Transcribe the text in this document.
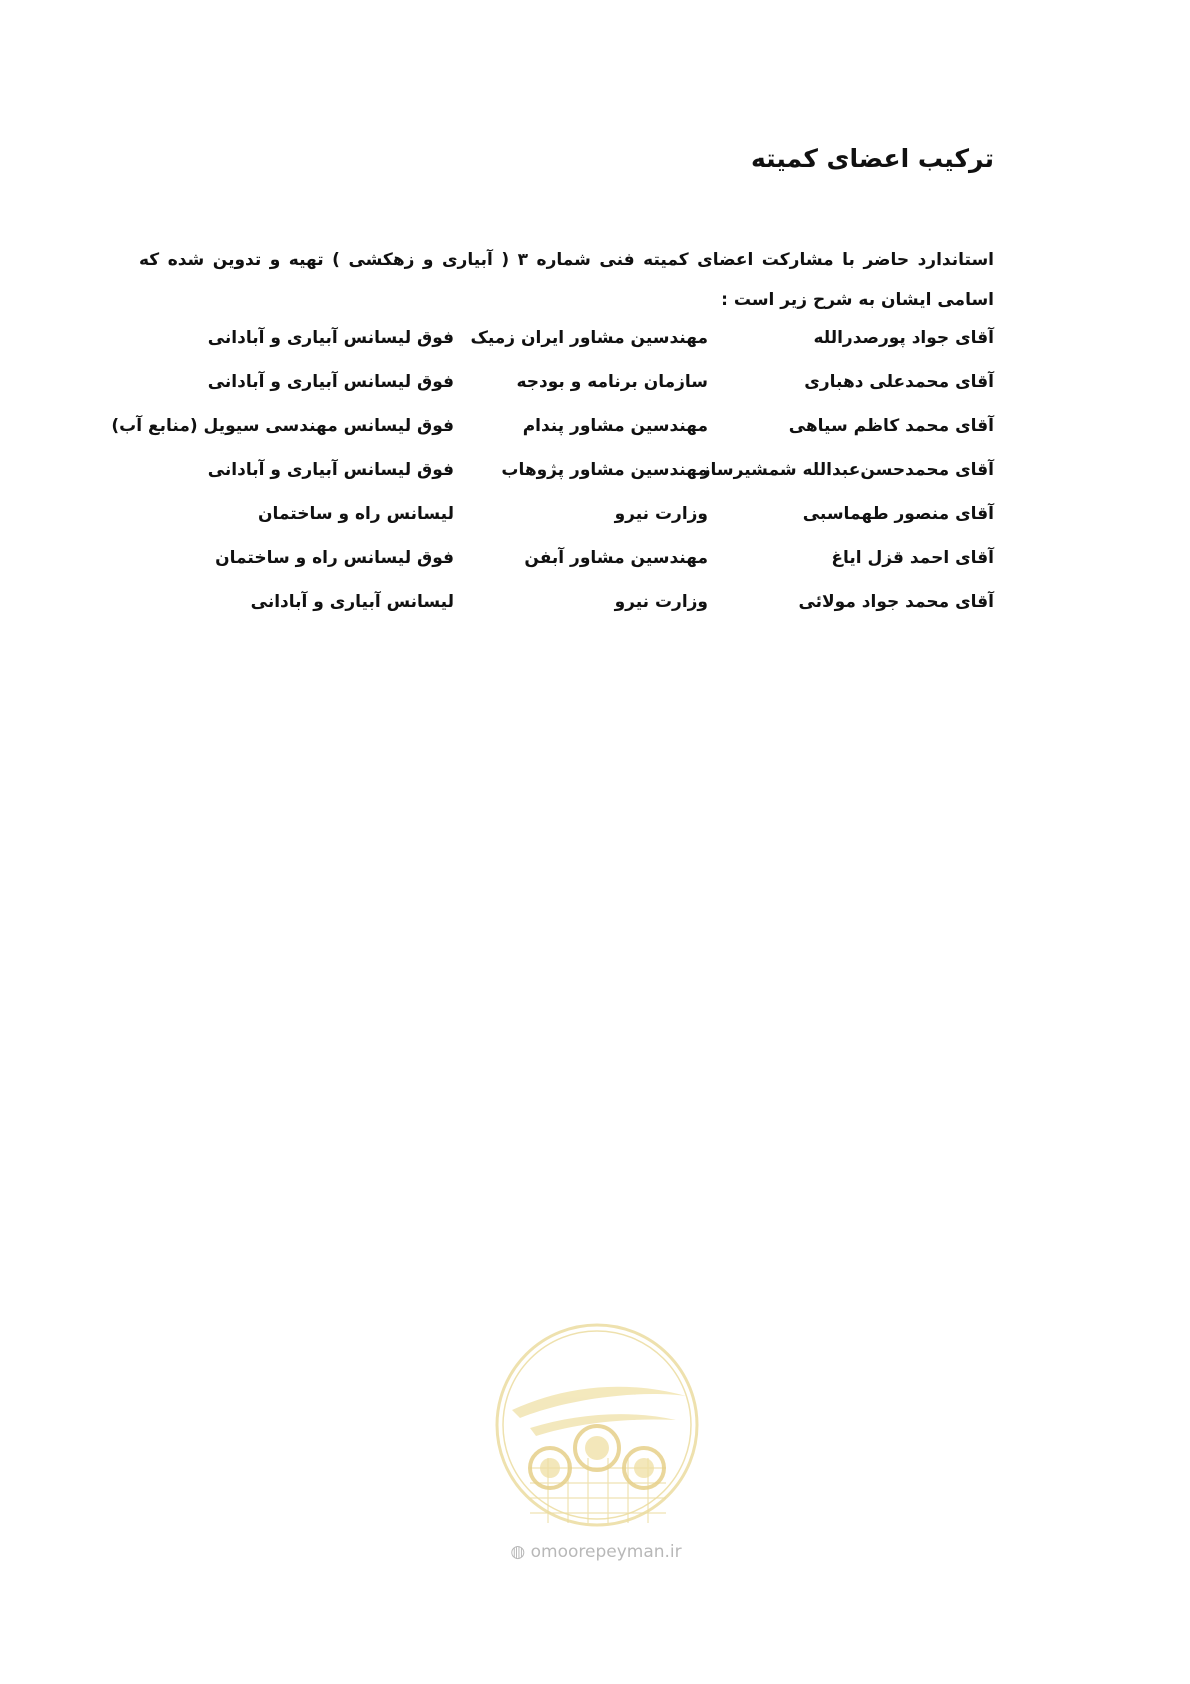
ترکیب اعضای کمیته
استاندارد حاضر با مشارکت اعضای کمیته فنی شماره ۳ ( آبیاری و زهکشی ) تهیه و تدوین شده که اسامی ایشان به شرح زیر است :
آقای جواد پورصدرالله
مهندسین مشاور ایران زمیک
فوق لیسانس آبیاری و آبادانی
آقای محمدعلی دهباری
سازمان برنامه و بودجه
فوق لیسانس آبیاری و آبادانی
آقای محمد کاظم سیاهی
مهندسین مشاور پندام
فوق لیسانس مهندسی سیویل (منابع آب)
آقای محمدحسن‌عبدالله شمشیرساز
مهندسین مشاور پژوهاب
فوق لیسانس آبیاری و آبادانی
آقای منصور طهماسبی
وزارت نیرو
لیسانس راه و ساختمان
آقای احمد قزل اياغ
مهندسین مشاور آبفن
فوق لیسانس راه و ساختمان
آقای محمد جواد مولائی
وزارت نیرو
لیسانس آبیاری و آبادانی
◍ omoorepeyman.ir
